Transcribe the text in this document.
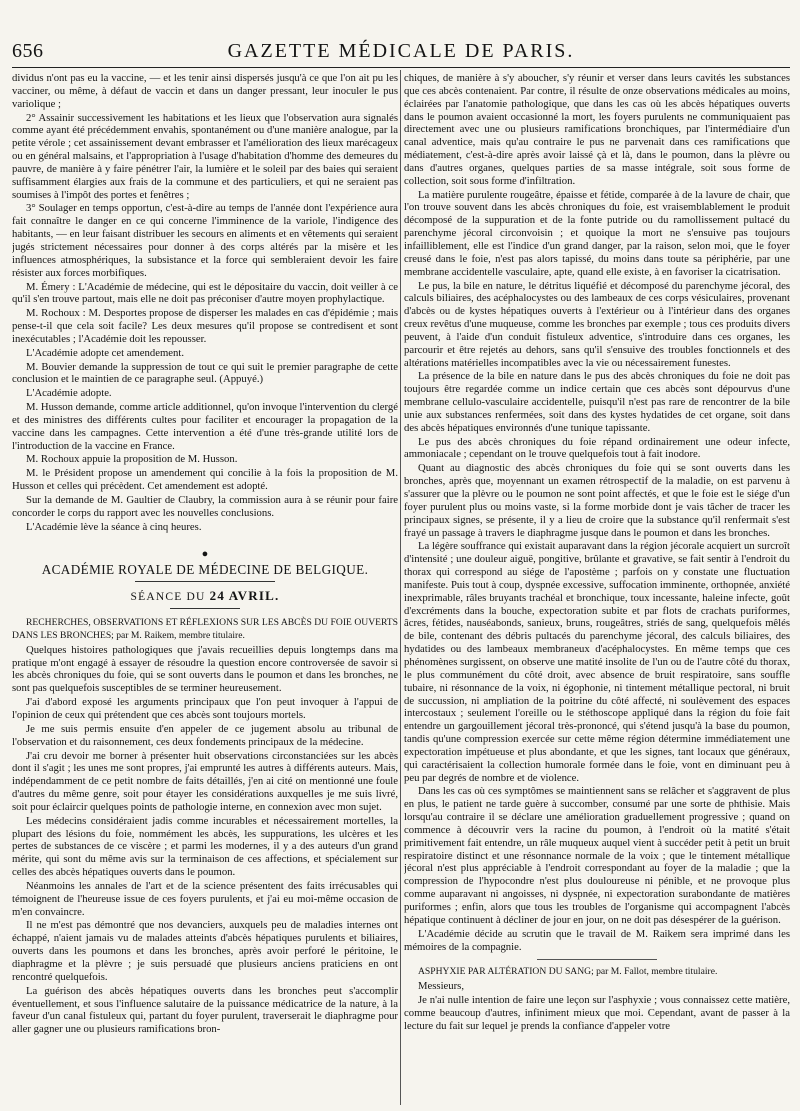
656	GAZETTE MÉDICALE DE PARIS.

dividus n'ont pas eu la vaccine, — et les tenir ainsi dispersés jusqu'à ce que l'on ait pu les vacciner, ou même, à défaut de vaccin et dans un danger pressant, leur inoculer le pus variolique ;

2° Assainir successivement les habitations et les lieux que l'observation aura signalés comme ayant été précédemment envahis, spontanément ou d'une manière analogue, par la petite vérole ; cet assainissement devant embrasser et l'amélioration des lieux marécageux ou en général malsains, et l'appropriation à l'usage d'habitation d'homme des demeures du pauvre, de manière à y faire pénétrer l'air, la lumière et le soleil par des baies qui seraient suffisamment élargies aux frais de la commune et des particuliers, et qui ne seraient pas soumises à l'impôt des portes et fenêtres ;

3° Soulager en temps opportun, c'est-à-dire au temps de l'année dont l'expérience aura fait connaître le danger en ce qui concerne l'imminence de la variole, l'indigence des habitants, — en leur faisant distribuer les secours en aliments et en vêtements qui seraient jugés strictement nécessaires pour donner à des corps altérés par la misère et les influences atmosphériques, la subsistance et la force qui sembleraient devoir les faire résister aux forces morbifiques.

M. Émery : L'Académie de médecine, qui est le dépositaire du vaccin, doit veiller à ce qu'il s'en trouve partout, mais elle ne doit pas préconiser d'autre moyen prophylactique.

M. Rochoux : M. Desportes propose de disperser les malades en cas d'épidémie ; mais pense-t-il que cela soit facile? Les deux mesures qu'il propose se contredisent et sont inexécutables ; l'Académie doit les repousser.

L'Académie adopte cet amendement.

M. Bouvier demande la suppression de tout ce qui suit le premier paragraphe de cette conclusion et le maintien de ce paragraphe seul. (Appuyé.)

L'Académie adopte.

M. Husson demande, comme article additionnel, qu'on invoque l'intervention du clergé et des ministres des différents cultes pour faciliter et encourager la propagation de la vaccine dans les campagnes. Cette intervention a été d'une très-grande utilité lors de l'introduction de la vaccine en France.

M. Rochoux appuie la proposition de M. Husson.

M. le Président propose un amendement qui concilie à la fois la proposition de M. Husson et celles qui précèdent. Cet amendement est adopté.

Sur la demande de M. Gaultier de Claubry, la commission aura à se réunir pour faire concorder le corps du rapport avec les nouvelles conclusions.

L'Académie lève la séance à cinq heures.

●
ACADÉMIE ROYALE DE MÉDECINE DE BELGIQUE.
SÉANCE DU 24 AVRIL.

RECHERCHES, OBSERVATIONS ET RÉFLEXIONS SUR LES ABCÈS DU FOIE OUVERTS DANS LES BRONCHES; par M. Raikem, membre titulaire.

Quelques histoires pathologiques que j'avais recueillies depuis longtemps dans ma pratique m'ont engagé à essayer de résoudre la question encore controversée de savoir si les abcès chroniques du foie, qui se sont ouverts dans le poumon et dans les bronches, ne sont pas quelquefois susceptibles de se terminer heureusement.

J'ai d'abord exposé les arguments principaux que l'on peut invoquer à l'appui de l'opinion de ceux qui prétendent que ces abcès sont toujours mortels.

Je me suis permis ensuite d'en appeler de ce jugement absolu au tribunal de l'observation et du raisonnement, ces deux fondements principaux de la médecine.

J'ai cru devoir me borner à présenter huit observations circonstanciées sur les abcès dont il s'agit ; les unes me sont propres, j'ai emprunté les autres à différents auteurs. Mais, indépendamment de ce petit nombre de faits détaillés, j'en ai cité on mentionné une foule d'autres du même genre, soit pour étayer les considérations auxquelles je me suis livré, soit pour éclaircir quelques points de pathologie interne, en connexion avec mon sujet.

Les médecins considéraient jadis comme incurables et nécessairement mortelles, la plupart des lésions du foie, nommément les abcès, les suppurations, les ulcères et les pertes de substances de ce viscère ; et parmi les modernes, il y a des auteurs d'un grand mérite, qui sont du même avis sur la terminaison de ces affections, et spécialement sur celles des abcès hépatiques ouverts dans le poumon.

Néanmoins les annales de l'art et de la science présentent des faits irrécusables qui témoignent de l'heureuse issue de ces foyers purulents, et j'ai eu moi-même occasion de m'en convaincre.

Il ne m'est pas démontré que nos devanciers, auxquels peu de maladies internes ont échappé, n'aient jamais vu de malades atteints d'abcès hépatiques purulents et biliaires, ouverts dans les poumons et dans les bronches, après avoir perforé le péritoine, le diaphragme et la plèvre ; je suis persuadé que plusieurs anciens praticiens en ont rencontré quelquefois.

La guérison des abcès hépatiques ouverts dans les bronches peut s'accomplir éventuellement, et sous l'influence salutaire de la puissance médicatrice de la nature, à la faveur d'un canal fistuleux qui, partant du foyer purulent, traverserait le diaphragme pour aller gagner une ou plusieurs ramifications bron-

chiques, de manière à s'y aboucher, s'y réunir et verser dans leurs cavités les substances que ces abcès contenaient. Par contre, il résulte de onze observations médicales au moins, éclairées par l'anatomie pathologique, que dans les cas où les abcès hépatiques ouverts dans le poumon avaient occasionné la mort, les foyers purulents ne communiquaient pas directement avec une ou plusieurs ramifications bronchiques, par l'intermédiaire d'un canal adventice, mais qu'au contraire le pus ne parvenait dans ces ramifications que médiatement, c'est-à-dire après avoir laissé çà et là, dans le poumon, dans la plèvre ou dans d'autres organes, quelques parties de sa masse intégrale, soit sous forme de collection, soit sous forme d'infiltration.

La matière purulente rougeâtre, épaisse et fétide, comparée à de la lavure de chair, que l'on trouve souvent dans les abcès chroniques du foie, est vraisemblablement le produit décomposé de la suppuration et de la fonte putride ou du ramollissement pultacé du parenchyme jécoral circonvoisin ; et quoique la mort ne s'ensuive pas toujours infailliblement, elle est l'indice d'un grand danger, par la raison, selon moi, que le foyer creusé dans le foie, n'est pas alors tapissé, du moins dans toute sa périphérie, par une membrane accidentelle vasculaire, apte, quand elle existe, à en favoriser la cicatrisation.

Le pus, la bile en nature, le détritus liquéfié et décomposé du parenchyme jécoral, des calculs biliaires, des acéphalocystes ou des lambeaux de ces corps vésiculaires, provenant d'abcès ou de kystes hépatiques ouverts à l'extérieur ou à l'intérieur dans des organes creux revêtus d'une muqueuse, comme les bronches par exemple ; tous ces produits divers peuvent, à l'aide d'un conduit fistuleux adventice, s'introduire dans ces organes, les parcourir et être rejetés au dehors, sans qu'il s'ensuive des troubles fonctionnels et des altérations matérielles incompatibles avec la vie ou nécessairement funestes.

La présence de la bile en nature dans le pus des abcès chroniques du foie ne doit pas toujours être regardée comme un indice certain que ces abcès sont dépourvus d'une membrane cellulo-vasculaire accidentelle, puisqu'il n'est pas rare de rencontrer de la bile unie aux substances renfermées, soit dans des kystes hydatides de cet organe, soit dans des abcès hépatiques environnés d'une tunique tapissante.

Le pus des abcès chroniques du foie répand ordinairement une odeur infecte, ammoniacale ; cependant on le trouve quelquefois tout à fait inodore.

Quant au diagnostic des abcès chroniques du foie qui se sont ouverts dans les bronches, après que, moyennant un examen rétrospectif de la maladie, on est parvenu à s'assurer que la plèvre ou le poumon ne sont point affectés, et que le foie est le siége d'un foyer purulent plus ou moins vaste, si la forme morbide dont je vais tâcher de tracer les principaux signes, se présente, il y a lieu de croire que la substance qu'il renfermait s'est frayé un passage à travers le diaphragme jusque dans le poumon et dans les bronches.

La légère souffrance qui existait auparavant dans la région jécorale acquiert un surcroît d'intensité ; une douleur aiguë, pongitive, brûlante et gravative, se fait sentir à l'endroit du thorax qui correspond au siége de l'apostème ; parfois on y constate une fluctuation manifeste. Puis tout à coup, dyspnée excessive, suffocation imminente, orthopnée, anxiété inexprimable, râles bruyants trachéal et bronchique, toux incessante, haleine infecte, goût d'excréments dans la bouche, expectoration subite et par flots de crachats puriformes, âcres, fétides, nauséabonds, sanieux, bruns, rougeâtres, striés de sang, quelquefois mêlés de bile, contenant des débris pultacés du parenchyme jécoral, des calculs biliaires, des hydatides ou des lambeaux membraneux d'acéphalocystes. En même temps que ces phénomènes surgissent, on observe une matité insolite de l'un ou de l'autre côté du thorax, le plus communément du côté droit, avec absence de bruit respiratoire, sans souffle tubaire, ni résonnance de la voix, ni égophonie, ni tintement métallique pectoral, ni bruit de succussion, ni ampliation de la poitrine du côté affecté, ni soulèvement des espaces intercostaux ; seulement l'oreille ou le stéthoscope appliqué dans la région du foie fait entendre un gargouillement jécoral très-prononcé, qui s'étend jusqu'à la base du poumon, tandis qu'une compression exercée sur cette même région détermine immédiatement une expectoration impétueuse et plus abondante, et que les signes, tant locaux que généraux, qui caractérisaient la collection humorale formée dans le foie, vont en diminuant peu à peu par degrés de nombre et de violence.

Dans les cas où ces symptômes se maintiennent sans se relâcher et s'aggravent de plus en plus, le patient ne tarde guère à succomber, consumé par une sorte de phthisie. Mais lorsqu'au contraire il se déclare une amélioration graduellement progressive ; quand on commence à découvrir vers la racine du poumon, à l'endroit où la matité s'était primitivement fait entendre, un râle muqueux auquel vient à succéder petit à petit un bruit respiratoire distinct et une résonnance normale de la voix ; que le tintement métallique jécoral n'est plus appréciable à l'endroit correspondant au foyer de la maladie ; que la compression de l'hypocondre n'est plus douloureuse ni pénible, et ne provoque plus comme auparavant ni angoisses, ni dyspnée, ni expectoration surabondante de matières puriformes ; enfin, alors que tous les troubles de l'organisme qui accompagnent l'abcès hépatique continuent à décliner de jour en jour, on ne doit pas désespérer de la guérison.

L'Académie décide au scrutin que le travail de M. Raikem sera imprimé dans les mémoires de la compagnie.

ASPHYXIE PAR ALTÉRATION DU SANG; par M. Fallot, membre titulaire.

Messieurs,

Je n'ai nulle intention de faire une leçon sur l'asphyxie ; vous connaissez cette matière, comme beaucoup d'autres, infiniment mieux que moi. Cependant, avant de passer à la lecture du fait sur lequel je prends la confiance d'appeler votre
